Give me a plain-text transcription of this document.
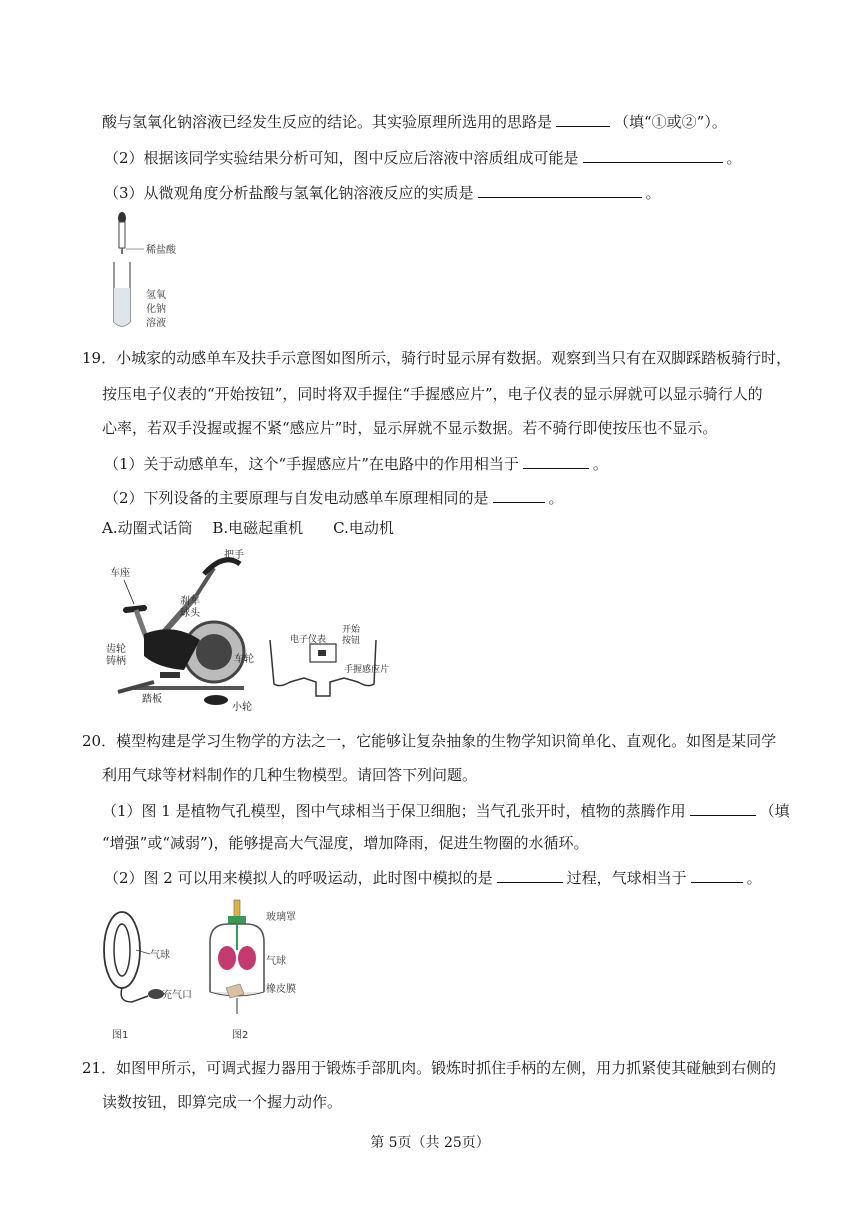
酸与氢氧化钠溶液已经发生反应的结论。其实验原理所选用的思路是	（填“①或②”）。
（2）根据该同学实验结果分析可知，图中反应后溶液中溶质组成可能是	。
（3）从微观角度分析盐酸与氢氧化钠溶液反应的实质是	。
稀盐酸
氢氧
化钠
溶液
19．小城家的动感单车及扶手示意图如图所示，骑行时显示屏有数据。观察到当只有在双脚踩踏板骑行时，
按压电子仪表的“开始按钮”，同时将双手握住“手握感应片”，电子仪表的显示屏就可以显示骑行人的
心率，若双手没握或握不紧“感应片”时，显示屏就不显示数据。若不骑行即使按压也不显示。
（1）关于动感单车，这个“手握感应片”在电路中的作用相当于	。
（2）下列设备的主要原理与自发电动感单车原理相同的是	。
A.动圈式话筒　 B.电磁起重机　　C.电动机
车座
把手
刹车
球头
齿轮
铸柄	车轮
踏板
小轮
电子仪表
开始
按钮
手握感应片
20．模型构建是学习生物学的方法之一，它能够让复杂抽象的生物学知识简单化、直观化。如图是某同学
利用气球等材料制作的几种生物模型。请回答下列问题。
（1）图 1 是植物气孔模型，图中气球相当于保卫细胞；当气孔张开时，植物的蒸腾作用	（填
“增强”或“减弱”)，能够提高大气湿度，增加降雨，促进生物圈的水循环。
（2）图 2 可以用来模拟人的呼吸运动，此时图中模拟的是	过程，气球相当于	。
气球
充气口
图1
玻璃罩
气球
橡皮膜
图2
21．如图甲所示，可调式握力器用于锻炼手部肌肉。锻炼时抓住手柄的左侧，用力抓紧使其碰触到右侧的
读数按钮，即算完成一个握力动作。
第 5页（共 25页）
